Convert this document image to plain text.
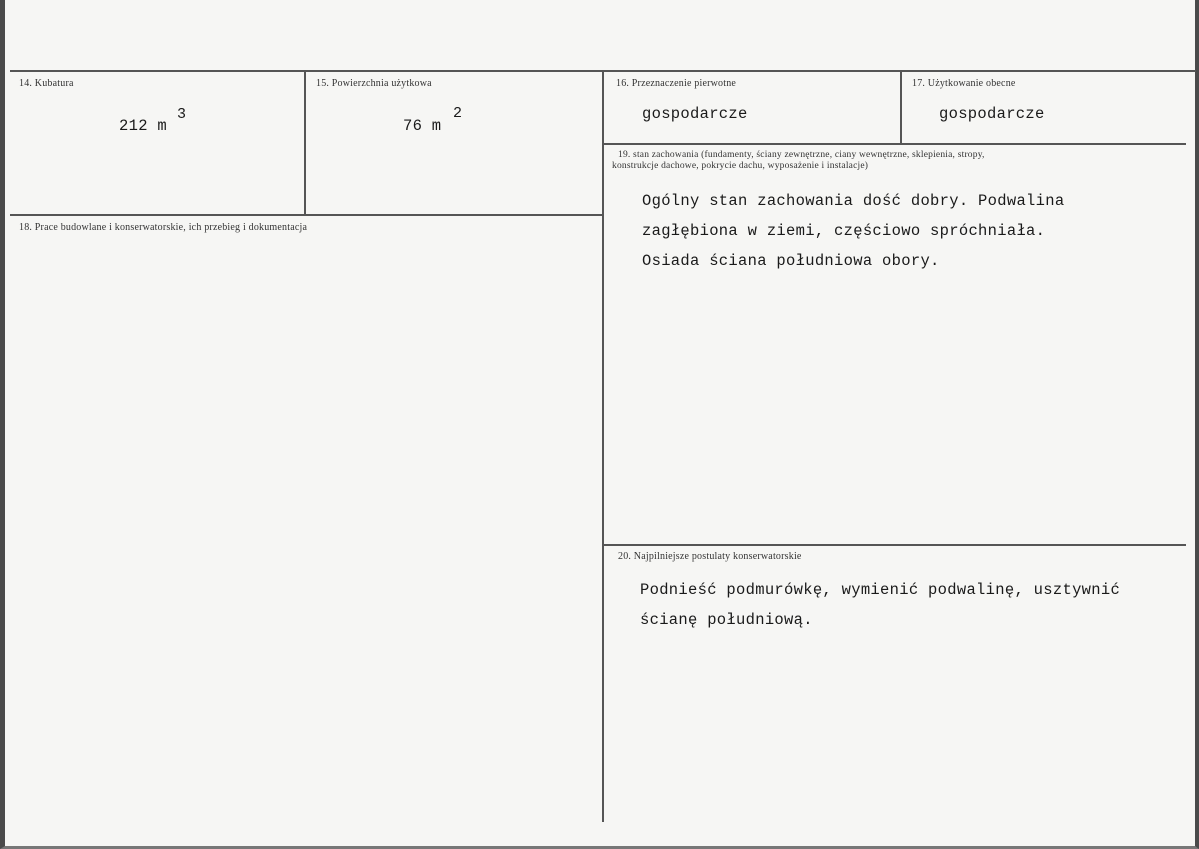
14. Kubatura
212 m
3
15. Powierzchnia użytkowa
76 m
2
16. Przeznaczenie pierwotne
gospodarcze
17. Użytkowanie obecne
gospodarcze
18. Prace budowlane i konserwatorskie, ich przebieg i dokumentacja
19. stan zachowania (fundamenty, ściany zewnętrzne, ciany wewnętrzne, sklepienia, stropy,
konstrukcje dachowe, pokrycie dachu, wyposażenie i instalacje)
Ogólny stan zachowania dość dobry. Podwalina
zagłębiona w ziemi, częściowo spróchniała.
Osiada ściana południowa obory.
20. Najpilniejsze postulaty konserwatorskie
Podnieść podmurówkę, wymienić podwalinę, usztywnić
ścianę południową.
